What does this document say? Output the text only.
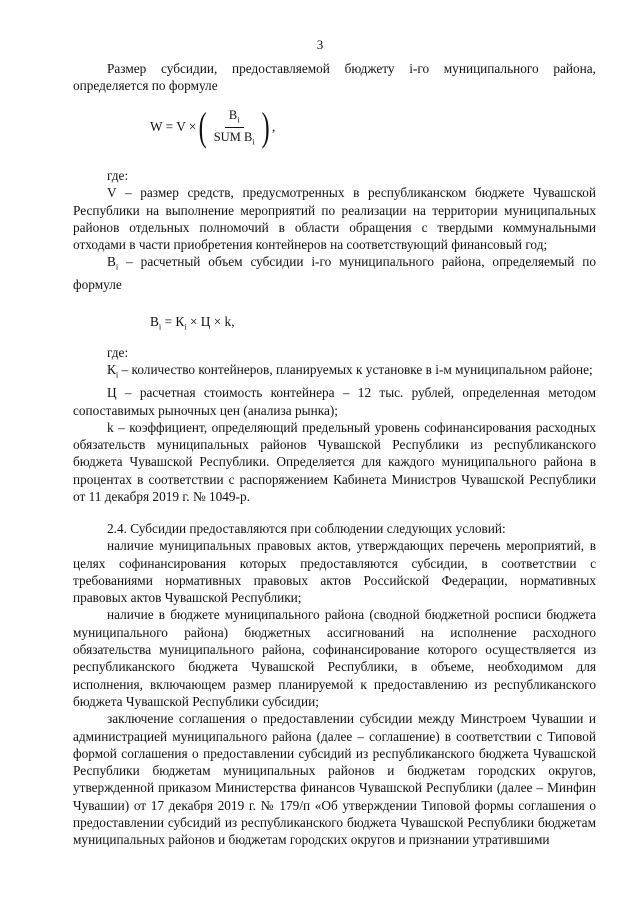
3

Размер субсидии, предоставляемой бюджету i-го муниципального района, определяется по формуле

W = V × ( $\frac{B_i}{SUM B_i}$ ) ,

где:

V – размер средств, предусмотренных в республиканском бюджете Чувашской Республики на выполнение мероприятий по реализации на территории муниципальных районов отдельных полномочий в области обращения с твердыми коммунальными отходами в части приобретения контейнеров на соответствующий финансовый год;

$B_i$ – расчетный объем субсидии i-го муниципального района, определяемый по формуле

$B_i = К_i \times Ц \times k$,

где:

$К_i$ – количество контейнеров, планируемых к установке в i-м муниципальном районе;

Ц – расчетная стоимость контейнера – 12 тыс. рублей, определенная методом сопоставимых рыночных цен (анализа рынка);

k – коэффициент, определяющий предельный уровень софинансирования расходных обязательств муниципальных районов Чувашской Республики из республиканского бюджета Чувашской Республики. Определяется для каждого муниципального района в процентах в соответствии с распоряжением Кабинета Министров Чувашской Республики от 11 декабря 2019 г. № 1049-р.

2.4. Субсидии предоставляются при соблюдении следующих условий:

наличие муниципальных правовых актов, утверждающих перечень мероприятий, в целях софинансирования которых предоставляются субсидии, в соответствии с требованиями нормативных правовых актов Российской Федерации, нормативных правовых актов Чувашской Республики;

наличие в бюджете муниципального района (сводной бюджетной росписи бюджета муниципального района) бюджетных ассигнований на исполнение расходного обязательства муниципального района, софинансирование которого осуществляется из республиканского бюджета Чувашской Республики, в объеме, необходимом для исполнения, включающем размер планируемой к предоставлению из республиканского бюджета Чувашской Республики субсидии;

заключение соглашения о предоставлении субсидии между Минстроем Чувашии и администрацией муниципального района (далее – соглашение) в соответствии с Типовой формой соглашения о предоставлении субсидий из республиканского бюджета Чувашской Республики бюджетам муниципальных районов и бюджетам городских округов, утвержденной приказом Министерства финансов Чувашской Республики (далее – Минфин Чувашии) от 17 декабря 2019 г. № 179/п «Об утверждении Типовой формы соглашения о предоставлении субсидий из республиканского бюджета Чувашской Республики бюджетам муниципальных районов и бюджетам городских округов и признании утратившими
